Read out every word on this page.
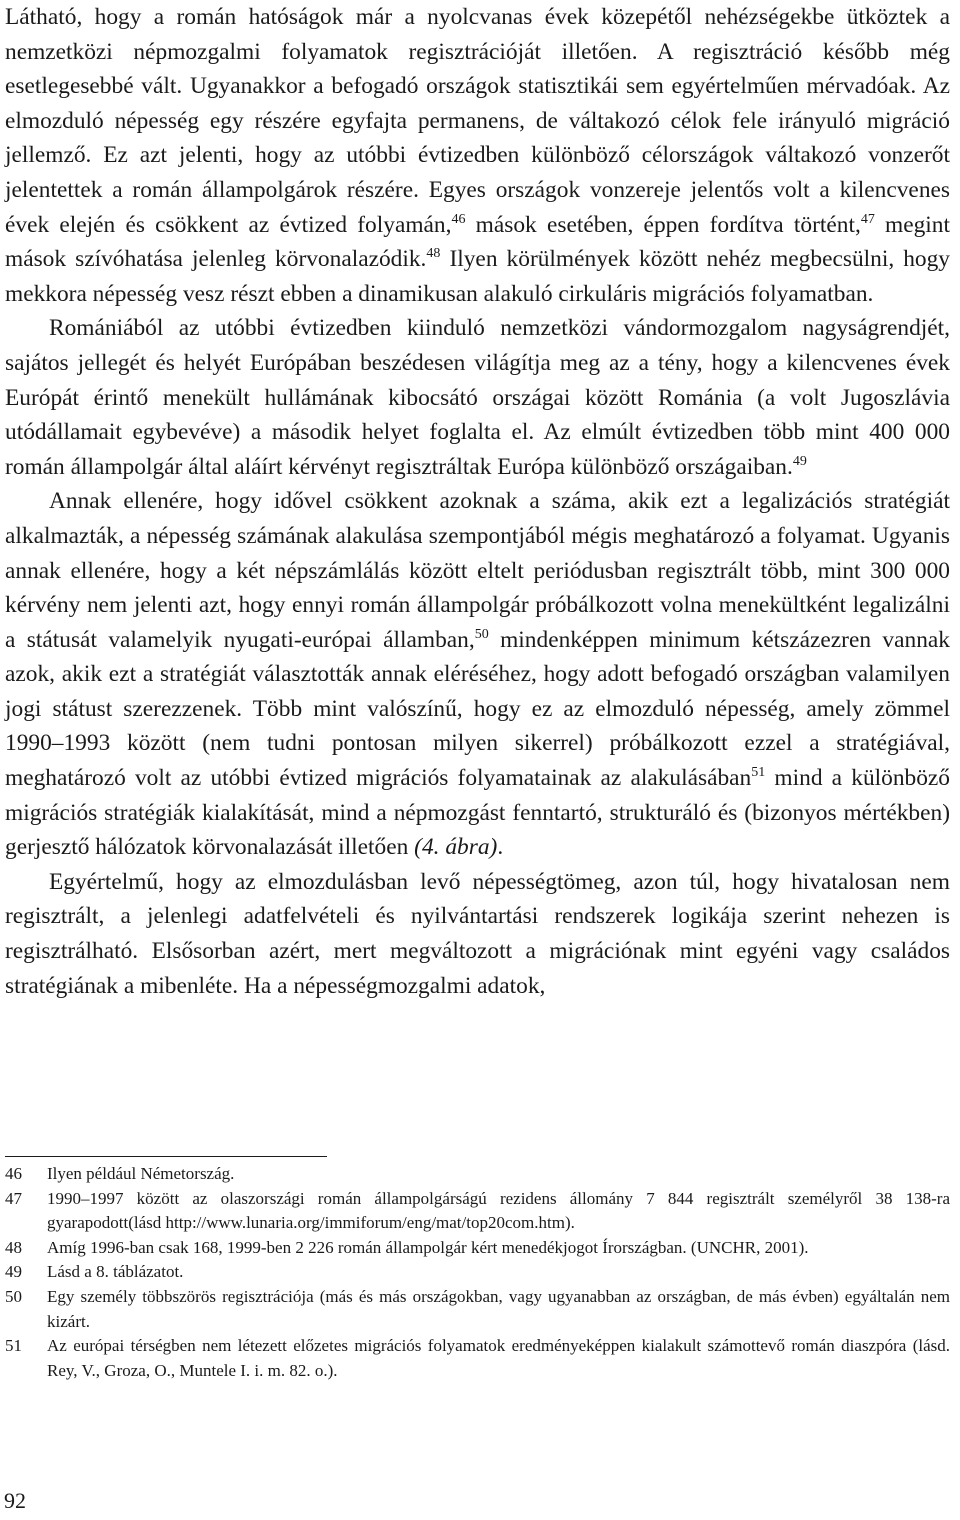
Látható, hogy a román hatóságok már a nyolcvanas évek közepétől nehézségekbe ütköztek a nemzetközi népmozgalmi folyamatok regisztrációját illetően. A regisztráció később még esetlegesebbé vált. Ugyanakkor a befogadó országok statisztikái sem egyértelműen mérvadóak. Az elmozduló népesség egy részére egyfajta permanens, de váltakozó célok fele irányuló migráció jellemző. Ez azt jelenti, hogy az utóbbi évtizedben különböző célországok váltakozó vonzerőt jelentettek a román állampolgárok részére. Egyes országok vonzereje jelentős volt a kilencvenes évek elején és csökkent az évtized folyamán,$^{46}$ mások esetében, éppen fordítva történt,$^{47}$ megint mások szívóhatása jelenleg körvonalazódik.$^{48}$ Ilyen körülmények között nehéz megbecsülni, hogy mekkora népesség vesz részt ebben a dinamikusan alakuló cirkuláris migrációs folyamatban.

Romániából az utóbbi évtizedben kiinduló nemzetközi vándormozgalom nagyságrendjét, sajátos jellegét és helyét Európában beszédesen világítja meg az a tény, hogy a kilencvenes évek Európát érintő menekült hullámának kibocsátó országai között Románia (a volt Jugoszlávia utódállamait egybevéve) a második helyet foglalta el. Az elmúlt évtizedben több mint 400 000 román állampolgár által aláírt kérvényt regisztráltak Európa különböző országaiban.$^{49}$

Annak ellenére, hogy idővel csökkent azoknak a száma, akik ezt a legalizációs stratégiát alkalmazták, a népesség számának alakulása szempontjából mégis meghatározó a folyamat. Ugyanis annak ellenére, hogy a két népszámlálás között eltelt periódusban regisztrált több, mint 300 000 kérvény nem jelenti azt, hogy ennyi román állampolgár próbálkozott volna menekültként legalizálni a státusát valamelyik nyugati-európai államban,$^{50}$ mindenképpen minimum kétszázezren vannak azok, akik ezt a stratégiát választották annak eléréséhez, hogy adott befogadó országban valamilyen jogi státust szerezzenek. Több mint valószínű, hogy ez az elmozduló népesség, amely zömmel 1990–1993 között (nem tudni pontosan milyen sikerrel) próbálkozott ezzel a stratégiával, meghatározó volt az utóbbi évtized migrációs folyamatainak az alakulásában$^{51}$ mind a különböző migrációs stratégiák kialakítását, mind a népmozgást fenntartó, strukturáló és (bizonyos mértékben) gerjesztő hálózatok körvonalazását illetően (4. ábra).

Egyértelmű, hogy az elmozdulásban levő népességtömeg, azon túl, hogy hivatalosan nem regisztrált, a jelenlegi adatfelvételi és nyilvántartási rendszerek logikája szerint nehezen is regisztrálható. Elsősorban azért, mert megváltozott a migrációnak mint egyéni vagy családos stratégiának a mibenléte. Ha a népességmozgalmi adatok,

46	Ilyen például Németország.
47	1990–1997 között az olaszországi román állampolgárságú rezidens állomány 7 844 regisztrált személyről 38 138-ra gyarapodott(lásd http://www.lunaria.org/immiforum/eng/mat/top20com.htm).
48	Amíg 1996-ban csak 168, 1999-ben 2 226 román állampolgár kért menedékjogot Írországban. (UNCHR, 2001).
49	Lásd a 8. táblázatot.
50	Egy személy többszörös regisztrációja (más és más országokban, vagy ugyanabban az országban, de más évben) egyáltalán nem kizárt.
51	Az európai térségben nem létezett előzetes migrációs folyamatok eredményeképpen kialakult számottevő román diaszpóra (lásd. Rey, V., Groza, O., Muntele I. i. m. 82. o.).
92
